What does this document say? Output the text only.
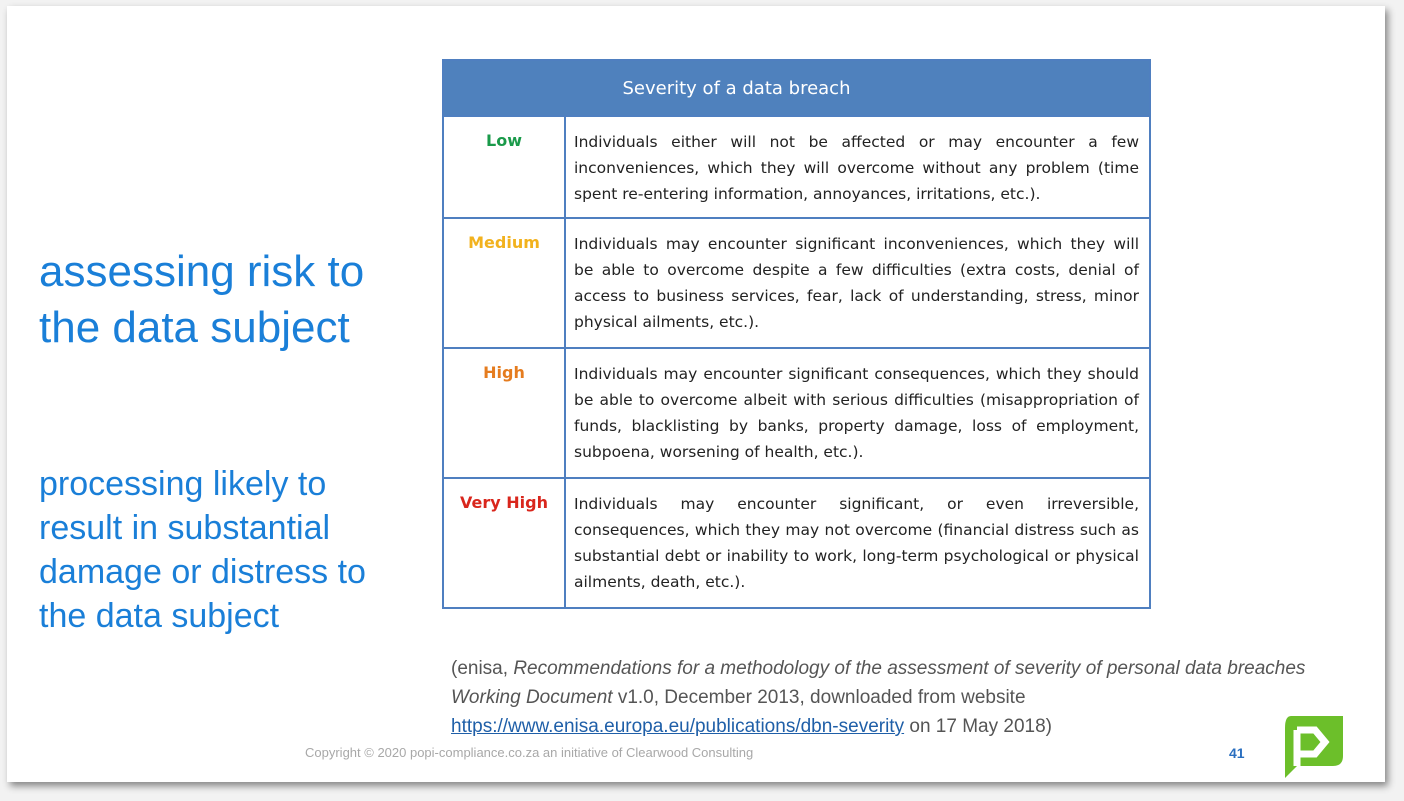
assessing risk to the data subject

processing likely to result in substantial damage or distress to the data subject

Severity of a data breach	
Low	Individuals either will not be affected or may encounter a few inconveniences, which they will overcome without any problem (time spent re-entering information, annoyances, irritations, etc.).
Medium	Individuals may encounter significant inconveniences, which they will be able to overcome despite a few difficulties (extra costs, denial of access to business services, fear, lack of understanding, stress, minor physical ailments, etc.).
High	Individuals may encounter significant consequences, which they should be able to overcome albeit with serious difficulties (misappropriation of funds, blacklisting by banks, property damage, loss of employment, subpoena, worsening of health, etc.).
Very High	Individuals may encounter significant, or even irreversible, consequences, which they may not overcome (financial distress such as substantial debt or inability to work, long-term psychological or physical ailments, death, etc.).
(enisa, Recommendations for a methodology of the assessment of severity of personal data breaches Working Document v1.0, December 2013, downloaded from website https://www.enisa.europa.eu/publications/dbn-severity on 17 May 2018)
Copyright © 2020 popi-compliance.co.za an initiative of Clearwood Consulting	41
